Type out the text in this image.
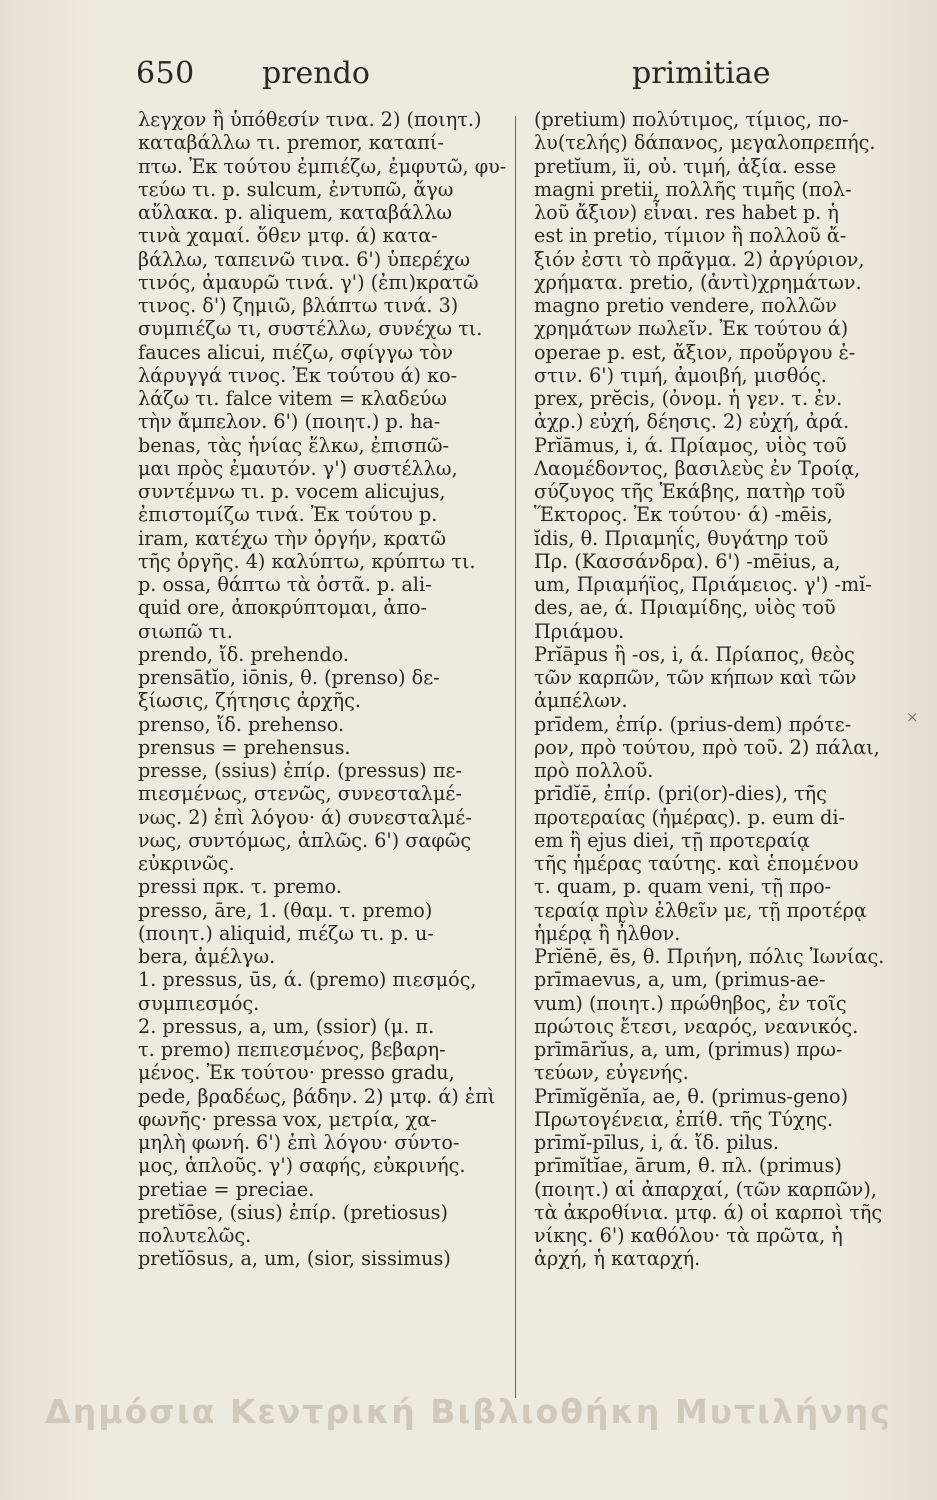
650 prendo	primitiae
λεγχον ἢ ὑπόθεσίν τινα. 2) (ποιητ.)
καταβάλλω τι. premor, καταπί-
πτω. Ἐκ τούτου ἐμπιέζω, ἐμφυτῶ, φυ-
τεύω τι. p. sulcum, ἐντυπῶ, ἄγω
αὔλακα. p. aliquem, καταβάλλω
τινὰ χαμαί. ὅθεν μτφ. ά) κατα-
βάλλω, ταπεινῶ τινα. 6') ὑπερέχω
τινός, ἀμαυρῶ τινά. γ') (ἐπι)κρατῶ
τινος. δ') ζημιῶ, βλάπτω τινά. 3)
συμπιέζω τι, συστέλλω, συνέχω τι.
fauces alicui, πιέζω, σφίγγω τὸν
λάρυγγά τινος. Ἐκ τούτου ά) κο-
λάζω τι. falce vitem = κλαδεύω
τὴν ἄμπελον. 6') (ποιητ.) p. ha-
benas, τὰς ἡνίας ἕλκω, ἐπισπῶ-
μαι πρὸς ἐμαυτόν. γ') συστέλλω,
συντέμνω τι. p. vocem alicujus,
ἐπιστομίζω τινά. Ἐκ τούτου p.
iram, κατέχω τὴν ὀργήν, κρατῶ
τῆς ὀργῆς. 4) καλύπτω, κρύπτω τι.
p. ossa, θάπτω τὰ ὀστᾶ. p. ali-
quid ore, ἀποκρύπτομαι, ἀπο-
σιωπῶ τι.
prendo, ἴδ. prehendo.
prensātĭo, iōnis, θ. (prenso) δε-
ξίωσις, ζήτησις ἀρχῆς.
prenso, ἴδ. prehenso.
prensus = prehensus.
presse, (ssius) ἐπίρ. (pressus) πε-
πιεσμένως, στενῶς, συνεσταλμέ-
νως. 2) ἐπὶ λόγου· ά) συνεσταλμέ-
νως, συντόμως, ἁπλῶς. 6') σαφῶς
εὐκρινῶς.
pressi πρκ. τ. premo.
presso, āre, 1. (θαμ. τ. premo)
(ποιητ.) aliquid, πιέζω τι. p. u-
bera, ἀμέλγω.
1. pressus, ūs, ά. (premo) πιεσμός,
συμπιεσμός.
2. pressus, a, um, (ssior) (μ. π.
τ. premo) πεπιεσμένος, βεβαρη-
μένος. Ἐκ τούτου· presso gradu,
pede, βραδέως, βάδην. 2) μτφ. ά) ἐπὶ
φωνῆς· pressa vox, μετρία, χα-
μηλὴ φωνή. 6') ἐπὶ λόγου· σύντο-
μος, ἁπλοῦς. γ') σαφής, εὐκρινής.
pretiae = preciae.
pretĭōse, (sius) ἐπίρ. (pretiosus)
πολυτελῶς.
pretĭōsus, a, um, (sior, sissimus)
(pretium) πολύτιμος, τίμιος, πο-
λυ(τελής) δάπανος, μεγαλοπρεπής.
pretĭum, ĭi, οὐ. τιμή, ἀξία. esse
magni pretii, πολλῆς τιμῆς (πολ-
λοῦ ἄξιον) εἶναι. res habet p. ἡ
est in pretio, τίμιον ἢ πολλοῦ ἄ-
ξιόν ἐστι τὸ πρᾶγμα. 2) ἀργύριον,
χρήματα. pretio, (ἀντὶ)χρημάτων.
magno pretio vendere, πολλῶν
χρημάτων πωλεῖν. Ἐκ τούτου ά)
operae p. est, ἄξιον, προὔργου ἐ-
στιν. 6') τιμή, ἀμοιβή, μισθός.
prex, prĕcis, (ὀνομ. ἡ γεν. τ. ἐν.
ἀχρ.) εὐχή, δέησις. 2) εὐχή, ἀρά.
Prĭāmus, i, ά. Πρίαμος, υἱὸς τοῦ
Λαομέδοντος, βασιλεὺς ἐν Τροίᾳ,
σύζυγος τῆς Ἑκάβης, πατὴρ τοῦ
Ἕκτορος. Ἐκ τούτου· ά) -mēis,
ĭdis, θ. Πριαμηΐς, θυγάτηρ τοῦ
Πρ. (Κασσάνδρα). 6') -mēius, a,
um, Πριαμήϊος, Πριάμειος. γ') -mĭ-
des, ae, ά. Πριαμίδης, υἱὸς τοῦ
Πριάμου.
Prĭāpus ἢ -os, i, ά. Πρίαπος, θεὸς
τῶν καρπῶν, τῶν κήπων καὶ τῶν
ἀμπέλων.
prīdem, ἐπίρ. (prius-dem) πρότε-
ρον, πρὸ τούτου, πρὸ τοῦ. 2) πάλαι,
πρὸ πολλοῦ.
prīdĭē, ἐπίρ. (pri(or)-dies), τῆς
προτεραίας (ἡμέρας). p. eum di-
em ἢ ejus diei, τῇ προτεραίᾳ
τῆς ἡμέρας ταύτης. καὶ ἑπομένου
τ. quam, p. quam veni, τῇ προ-
τεραίᾳ πρὶν ἐλθεῖν με, τῇ προτέρᾳ
ἡμέρᾳ ἢ ἦλθον.
Prĭēnē, ēs, θ. Πριήνη, πόλις Ἰωνίας.
prīmaevus, a, um, (primus-ae-
vum) (ποιητ.) πρώθηβος, ἐν τοῖς
πρώτοις ἔτεσι, νεαρός, νεανικός.
prīmārĭus, a, um, (primus) πρω-
τεύων, εὐγενής.
Prīmĭgĕnĭa, ae, θ. (primus-geno)
Πρωτογένεια, ἐπίθ. τῆς Τύχης.
prīmĭ-pīlus, i, ά. ἴδ. pilus.
prīmĭtĭae, ārum, θ. πλ. (primus)
(ποιητ.) αἱ ἀπαρχαί, (τῶν καρπῶν),
τὰ ἀκροθίνια. μτφ. ά) οἱ καρποὶ τῆς
νίκης. 6') καθόλου· τὰ πρῶτα, ἡ
ἀρχή, ἡ καταρχή.
×
Δημόσια Κεντρική Βιβλιοθήκη Μυτιλήνης
